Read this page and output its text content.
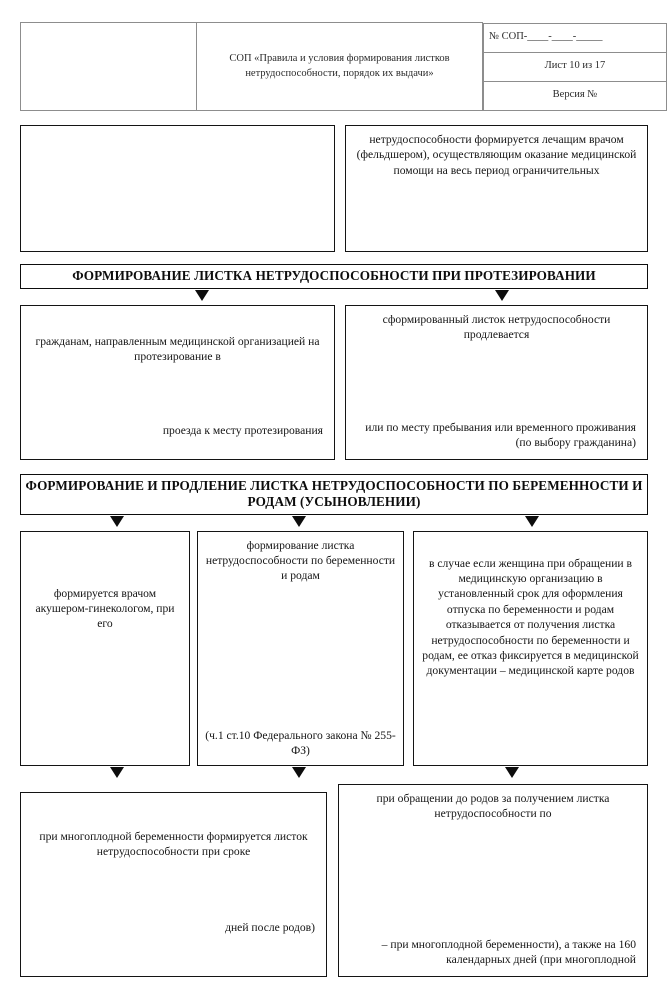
	СОП «Правила и условия формирования листков нетрудоспособности, порядок их выдачи»	
№ СОП-____-____-_____
Лист 10 из 17
Версия №
нетрудоспособности формируется лечащим врачом (фельдшером), осуществляющим оказание медицинской помощи на весь период ограничительных
ФОРМИРОВАНИЕ ЛИСТКА НЕТРУДОСПОСОБНОСТИ ПРИ ПРОТЕЗИРОВАНИИ
гражданам, направленным медицинской организацией на протезирование в
проезда к месту протезирования
сформированный листок нетрудоспособности продлевается
или по месту пребывания или временного проживания (по выбору гражданина)
ФОРМИРОВАНИЕ И ПРОДЛЕНИЕ ЛИСТКА НЕТРУДОСПОСОБНОСТИ ПО БЕРЕМЕННОСТИ И РОДАМ (УСЫНОВЛЕНИИ)
формируется врачом акушером-гинекологом, при его
формирование листка нетрудоспособности по беременности и родам
(ч.1 ст.10 Федерального закона № 255-ФЗ)
в случае если женщина при обращении в медицинскую организацию в установленный срок для оформления отпуска по беременности и родам отказывается от получения листка нетрудоспособности по беременности и родам, ее отказ фиксируется в медицинской документации – медицинской карте родов
при многоплодной беременности формируется листок нетрудоспособности при сроке
дней после родов)
при обращении до родов за получением листка нетрудоспособности по
– при многоплодной беременности), а также на 160 календарных дней (при многоплодной
